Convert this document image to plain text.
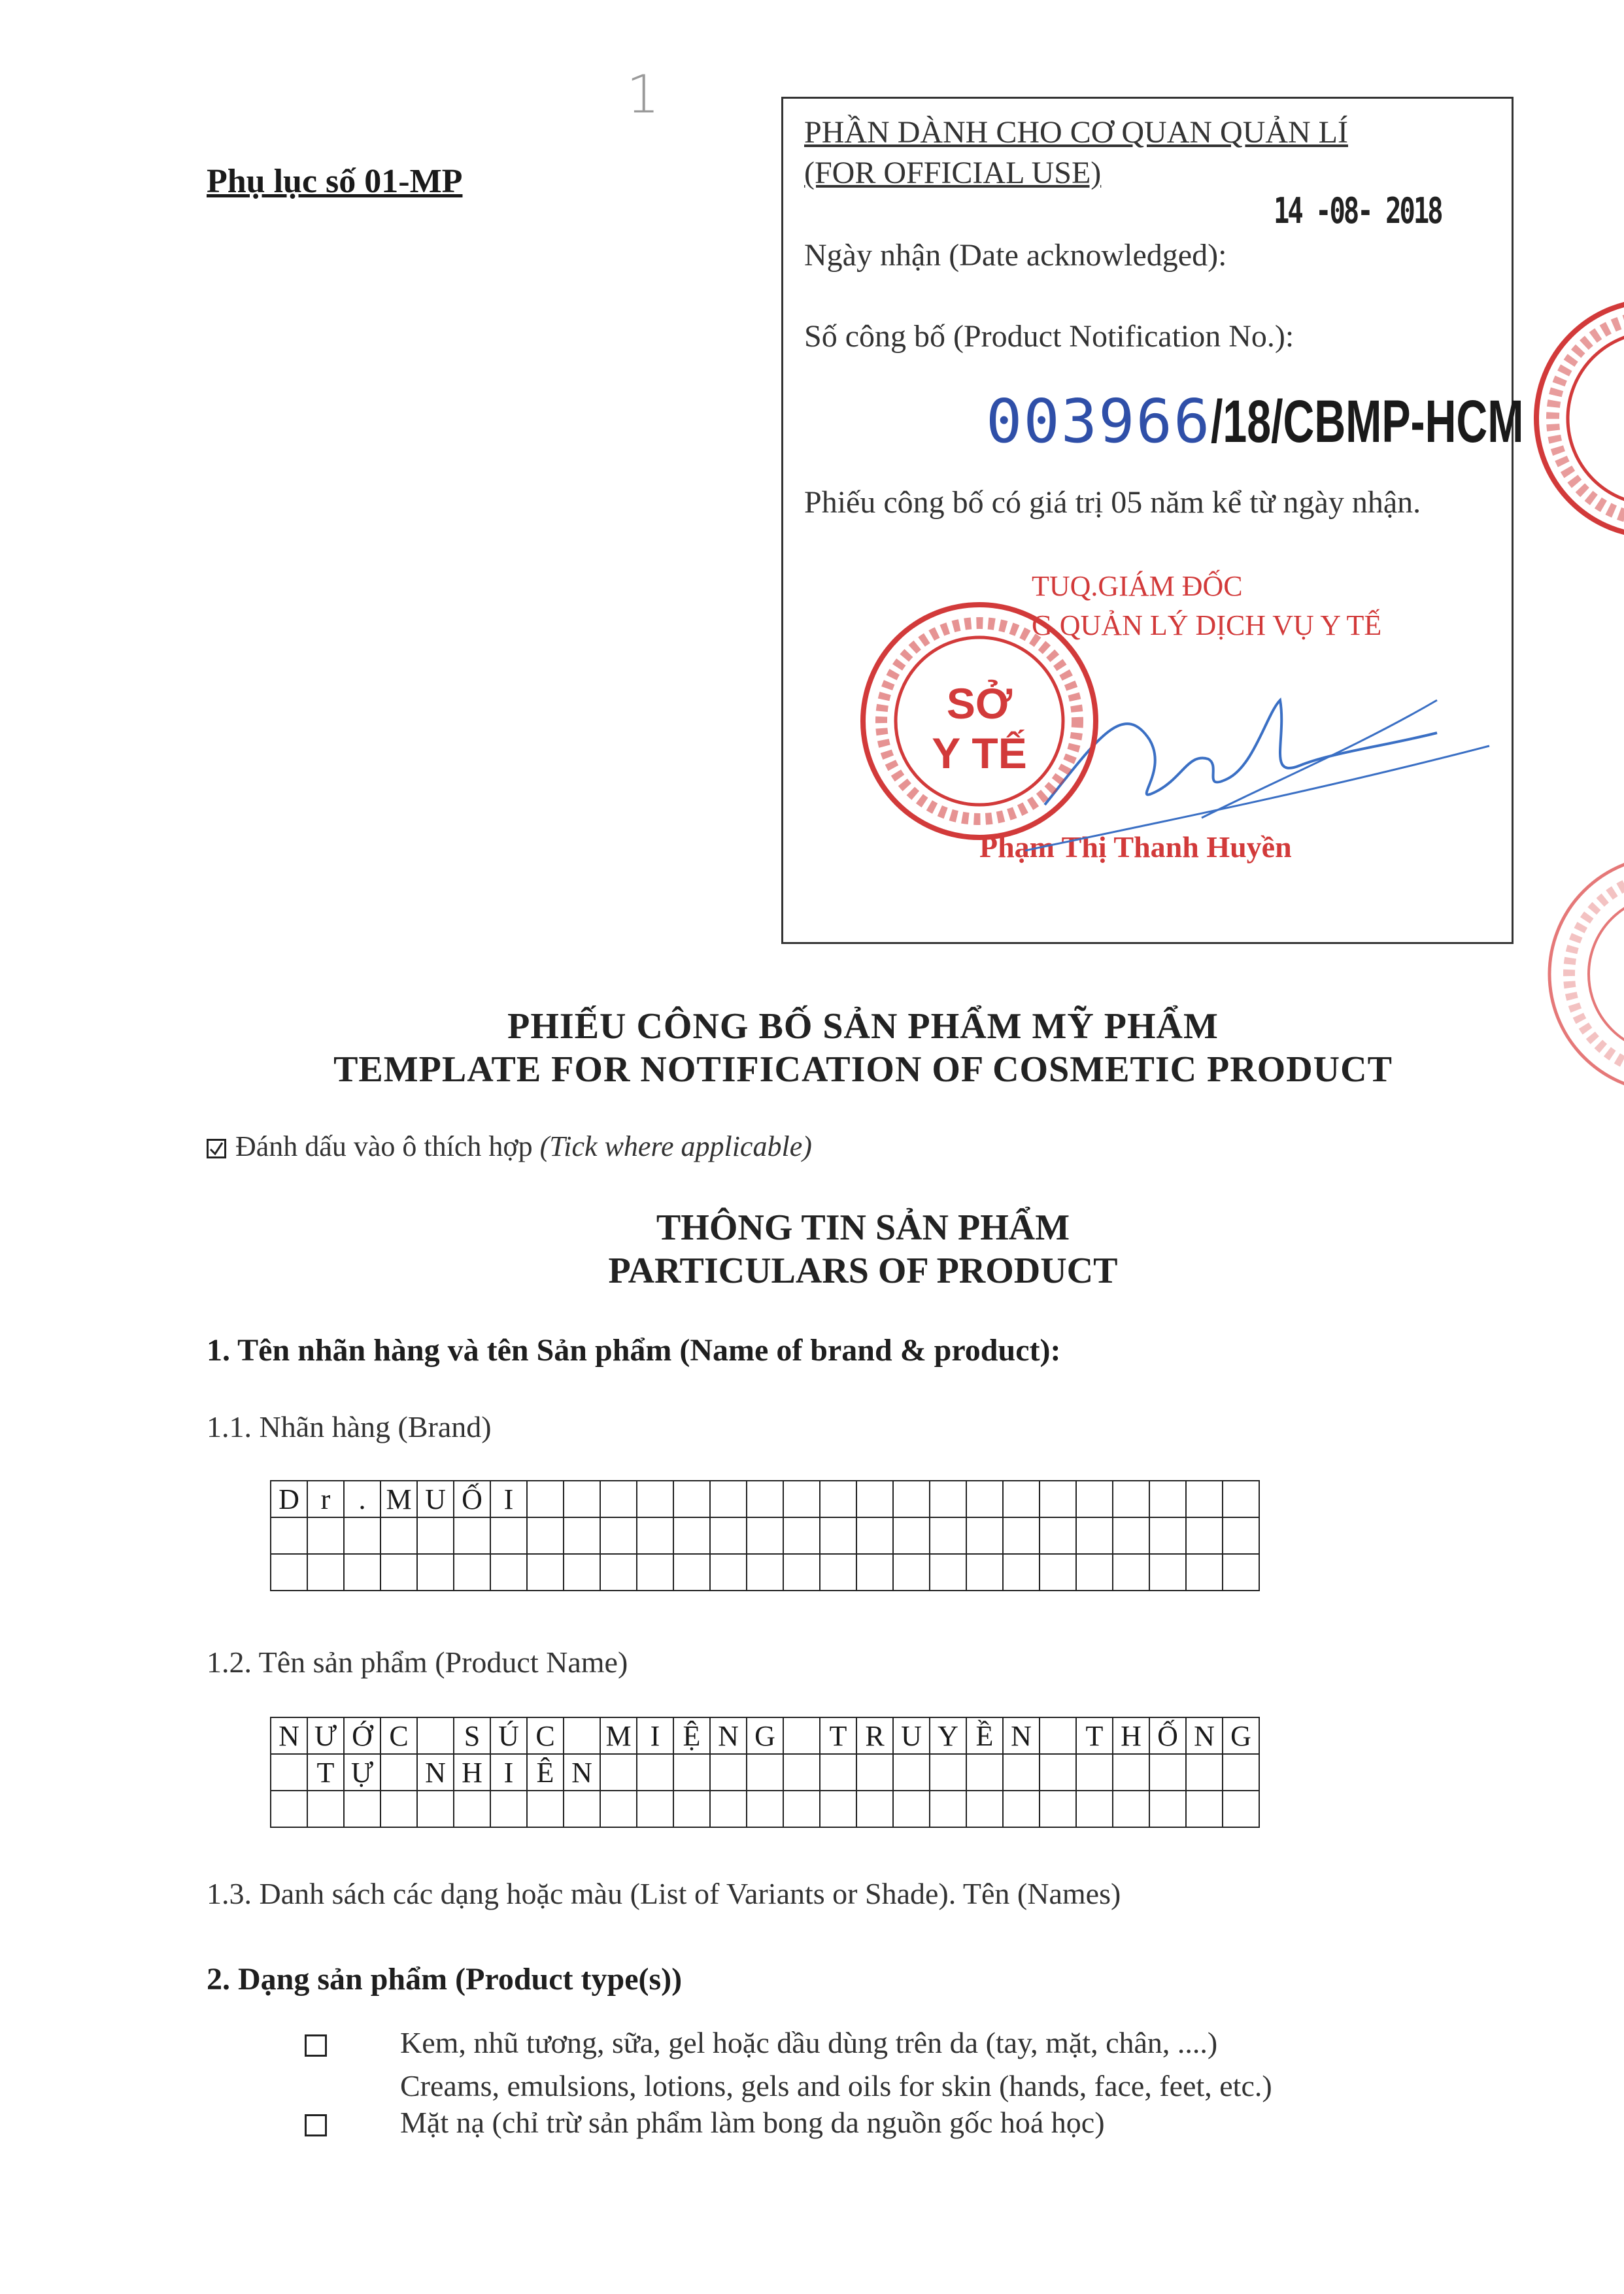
1
Phụ lục số 01-MP
PHẦN DÀNH CHO CƠ QUAN QUẢN LÍ
(FOR OFFICIAL USE)
14 -08- 2018
Ngày nhận (Date acknowledged):
Số công bố (Product Notification No.):
003966/18/CBMP-HCM
Phiếu công bố có giá trị 05 năm kể từ ngày nhận.
TUQ.GIÁM ĐỐC
G QUẢN LÝ DỊCH VỤ Y TẾ
Phạm Thị Thanh Huyền
SỞ
Y TẾ
PHIẾU CÔNG BỐ SẢN PHẨM MỸ PHẨM
TEMPLATE FOR NOTIFICATION OF COSMETIC PRODUCT
Đánh dấu vào ô thích hợp (Tick where applicable)
THÔNG TIN SẢN PHẨM
PARTICULARS OF PRODUCT
1. Tên nhãn hàng và tên Sản phẩm (Name of brand & product):
1.1. Nhãn hàng (Brand)
D	r	.	M	U	Ố	I																				

1.2. Tên sản phẩm (Product Name)
N	Ư	Ớ	C		S	Ú	C		M	I	Ệ	N	G		T	R	U	Y	Ề	N		T	H	Ố	N	G
	T	Ự		N	H	I	Ê	N																		

1.3. Danh sách các dạng hoặc màu (List of Variants or Shade). Tên (Names)
2. Dạng sản phẩm (Product type(s))
Kem, nhũ tương, sữa, gel hoặc dầu dùng trên da (tay, mặt, chân, ....)
Creams, emulsions, lotions, gels and oils for skin (hands, face, feet, etc.)
Mặt nạ (chỉ trừ sản phẩm làm bong da nguồn gốc hoá học)
